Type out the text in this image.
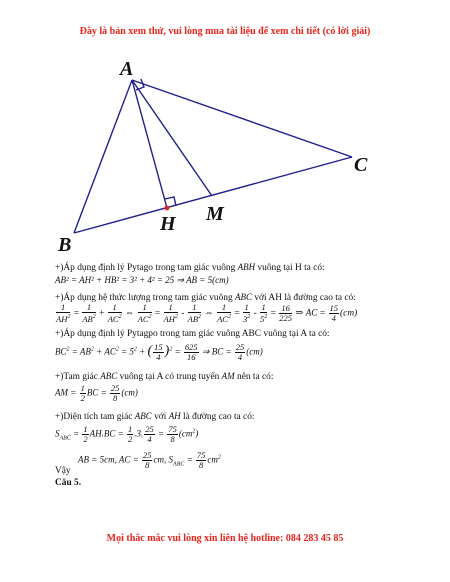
Đây là bản xem thử, vui lòng mua tài liệu để xem chi tiết (có lời giải)
A
B
C
H M
+)Áp dụng định lý Pytago trong tam giác vuông ABH vuông tại H ta có:
AB² = AH² + HB² = 3² + 4² = 25 ⇒ AB = 5(cm)
+)Áp dụng hệ thức lượng trong tam giác vuông ABC với AH là đường cao ta có:
$\frac{1}{AH^2} = \frac{1}{AB^2} + \frac{1}{AC^2}$ ⇔ $\frac{1}{AC^2} = \frac{1}{AH^2} - \frac{1}{AB^2}$ ⇔ $\frac{1}{AC^2} = \frac{1}{3^2} - \frac{1}{5^2} = \frac{16}{225}$ ⇒ AC = $\frac{15}{4} (cm)$
+)Áp dụng định lý Pytagpo trong tam giác vuông ABC vuông tại A ta có:
$BC^2 = AB^2 + AC^2 = 5^2$ + ( $\frac{15}{4} )^2 = \frac{625}{16}$ ⇒ BC = $\frac{25}{4} (cm)$
+)Tam giác ABC vuông tại A có trung tuyến AM nên ta có:
AM = $\frac{1}{2}$ BC = $\frac{25}{8} (cm)$
+)Diện tích tam giác ABC với AH là đường cao ta có:
$S_{ABC} = \frac{1}{2} AH.BC = \frac{1}{2} .3$. $\frac{25}{4} = \frac{75}{8} (cm^2)$
AB = 5cm, AC = $\frac{25}{8}$ cm, $S_{ABC} = \frac{75}{8} cm^2$
Vậy
Câu 5.
Mọi thắc mắc vui lòng xin liên hệ hotline: 084 283 45 85
